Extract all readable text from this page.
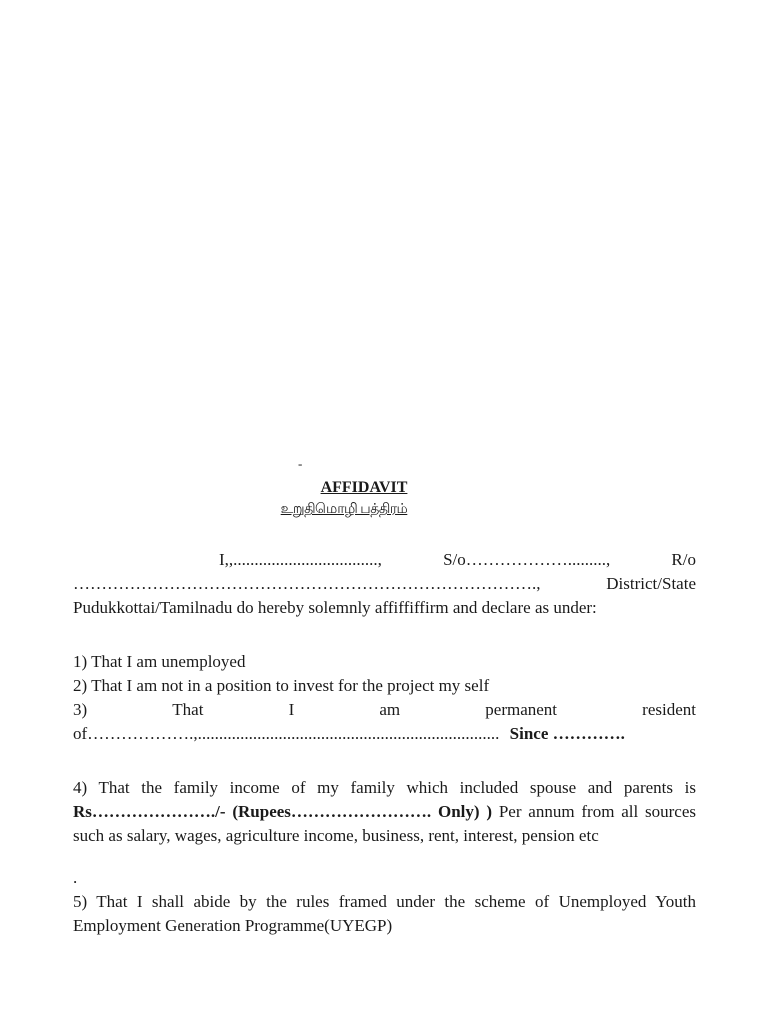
-
AFFIDAVIT
உறுதிமொழி பத்திரம்
I,,..................................,	S/o……………….........,	R/o
……………………………………………………………………….,	District/State
Pudukkottai/Tamilnadu do hereby solemnly affiffiffirm and declare as under:
1) That I am unemployed
2) That I am not in a position to invest for the project my self
3)	That	I	am	permanent	resident
of……………….,....................................................................... Since ………….
4) That the family income of my family which included spouse and parents is Rs…………………./- (Rupees……………………. Only) ) Per annum from all sources such as salary, wages, agriculture income, business, rent, interest, pension etc
.
5) That I shall abide by the rules framed under the scheme of Unemployed Youth Employment Generation Programme(UYEGP)
